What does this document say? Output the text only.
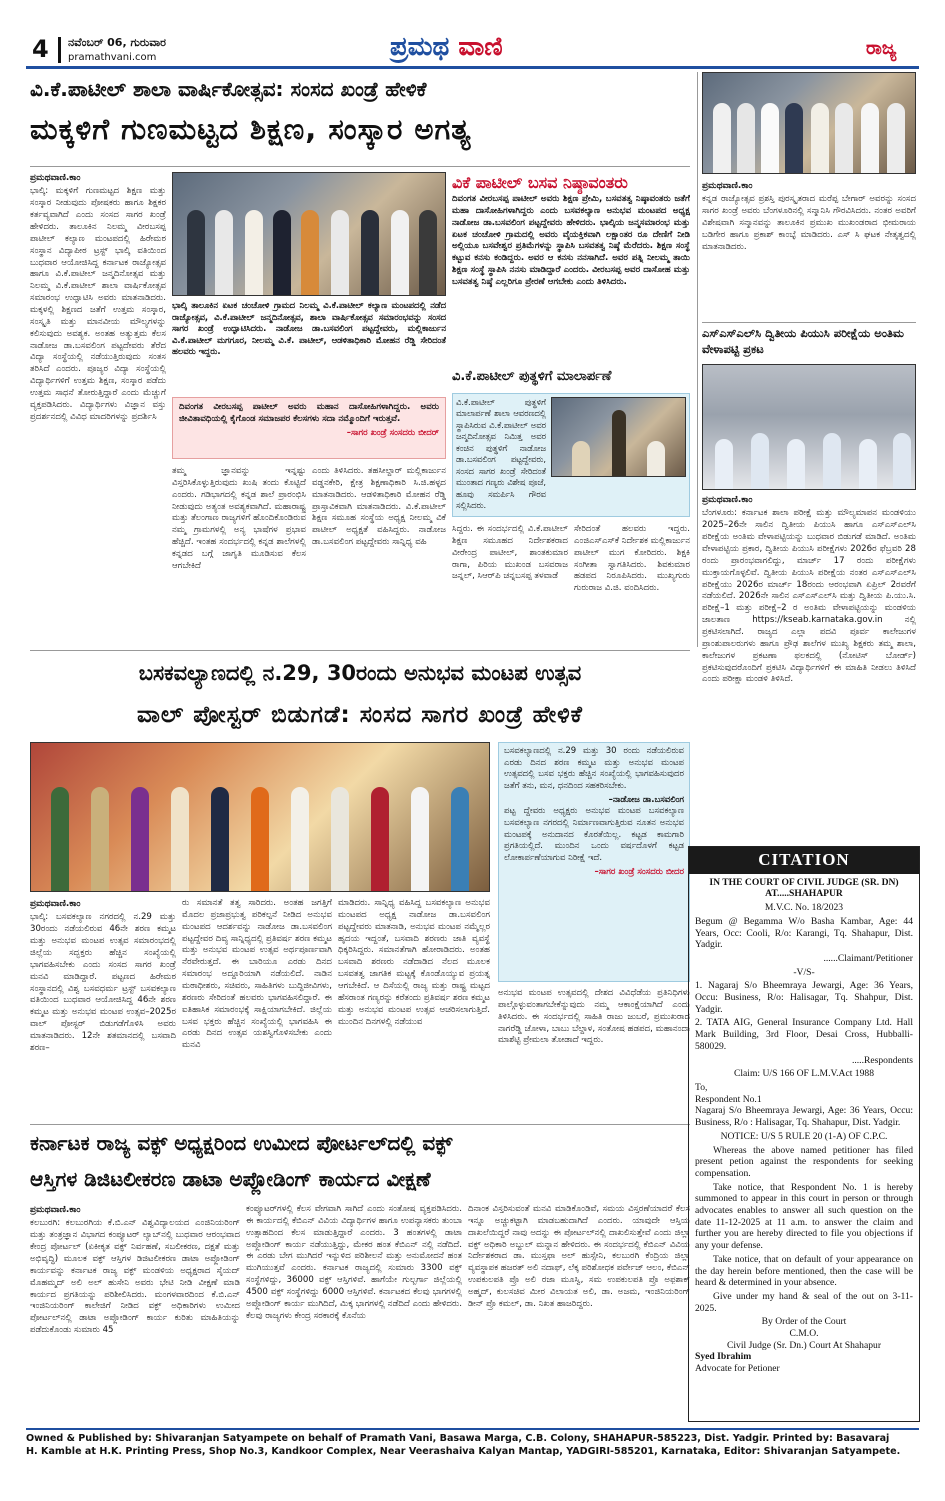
4 ನವೆಂಬರ್ 06, ಗುರುವಾರ
pramathvani.com	ಪ್ರಮಥ ವಾಣಿ	ರಾಜ್ಯ
ವಿ.ಕೆ.ಪಾಟೀಲ್ ಶಾಲಾ ವಾರ್ಷಿಕೋತ್ಸವ: ಸಂಸದ ಖಂಡ್ರೆ ಹೇಳಿಕೆ
ಮಕ್ಕಳಿಗೆ ಗುಣಮಟ್ಟದ ಶಿಕ್ಷಣ, ಸಂಸ್ಕಾರ ಅಗತ್ಯ
ಪ್ರಮಥವಾಣಿ.ಕಾಂ

ಭಾಲ್ಕಿ: ಮಕ್ಕಳಿಗೆ ಗುಣಮಟ್ಟದ ಶಿಕ್ಷಣ ಮತ್ತು ಸಂಸ್ಕಾರ ನೀಡುವುದು ಪೋಷಕರು ಹಾಗೂ ಶಿಕ್ಷಕರ ಕರ್ತವ್ಯವಾಗಿದೆ ಎಂದು ಸಂಸದ ಸಾಗರ ಖಂಡ್ರೆ ಹೇಳಿದರು. ತಾಲೂಕಿನ ನಿಲಮ್ಮ ವೀರಬಸಪ್ಪ ಪಾಟೀಲ್ ಕಲ್ಯಾಣ ಮಂಟಪದಲ್ಲಿ ಹಿರೇಮಠ ಸಂಸ್ಥಾನ ವಿದ್ಯಾಪೀಠ ಟ್ರಸ್ಟ್ ಭಾಲ್ಕಿ ವತಿಯಿಂದ ಬುಧವಾರ ಆಯೋಜಿಸಿದ್ದ ಕರ್ನಾಟಕ ರಾಜ್ಯೋತ್ಸವ ಹಾಗೂ ವಿ.ಕೆ.ಪಾಟೀಲ್ ಜನ್ಮದಿನೋತ್ಸವ ಮತ್ತು ನಿಲಮ್ಮ ವಿ.ಕೆ.ಪಾಟೀಲ್ ಶಾಲಾ ವಾರ್ಷಿಕೋತ್ಸವ ಸಮಾರಂಭ ಉದ್ಘಾಟಿಸಿ ಅವರು ಮಾತನಾಡಿದರು. ಮಕ್ಕಳಲ್ಲಿ ಶಿಕ್ಷಣದ ಜತೆಗೆ ಉತ್ತಮ ಸಂಸ್ಕಾರ, ಸಂಸ್ಕೃತಿ ಮತ್ತು ಮಾನವೀಯ ಮೌಲ್ಯಗಳನ್ನು ಕಲಿಸುವುದು ಅವಶ್ಯಕ. ಅಂತಹ ಅತ್ಯುತ್ತಮ ಕೆಲಸ ನಾಡೋಜ ಡಾ.ಬಸವಲಿಂಗ ಪಟ್ಟದೇವರು ತೆರೆದ ವಿದ್ಯಾ ಸಂಸ್ಥೆಯಲ್ಲಿ ನಡೆಯುತ್ತಿರುವುದು ಸಂತಸ ತರಿಸಿದೆ ಎಂದರು. ಪೂಜ್ಯರ ವಿದ್ಯಾ ಸಂಸ್ಥೆಯಲ್ಲಿ ವಿದ್ಯಾರ್ಥಿಗಳಿಗೆ ಉತ್ತಮ ಶಿಕ್ಷಣ, ಸಂಸ್ಕಾರ ಪಡೆದು ಉತ್ತಮ ಸಾಧನೆ ತೋರುತ್ತಿದ್ದಾರೆ ಎಂದು ಮೆಚ್ಚುಗೆ ವ್ಯಕ್ತಪಡಿಸಿದರು. ವಿದ್ಯಾರ್ಥಿಗಳು ವಿಜ್ಞಾನ ವಸ್ತು ಪ್ರದರ್ಶನದಲ್ಲಿ ವಿವಿಧ ಮಾದರಿಗಳನ್ನು ಪ್ರದರ್ಶಿಸಿ

ಭಾಲ್ಕಿ ತಾಲೂಕಿನ ಏಟಕ ಚಂಚೋಳಿ ಗ್ರಾಮದ ನಿಲಮ್ಮ ವಿ.ಕೆ.ಪಾಟೀಲ್ ಕಲ್ಯಾಣ ಮಂಟಪದಲ್ಲಿ ನಡೆದ ರಾಜ್ಯೋತ್ಸವ, ವಿ.ಕೆ.ಪಾಟೀಲ್ ಜನ್ಮದಿನೋತ್ಸವ, ಶಾಲಾ ವಾರ್ಷಿಕೋತ್ಸವ ಸಮಾರಂಭವನ್ನು ಸಂಸದ ಸಾಗರ ಖಂಡ್ರೆ ಉದ್ಘಾಟಿಸಿದರು. ನಾಡೋಜ ಡಾ.ಬಸವಲಿಂಗ ಪಟ್ಟದ್ದೇವರು, ಮಲ್ಲಿಕಾರ್ಜುನ ವಿ.ಕೆ.ಪಾಟೀಲ್ ಮಗಗೂರ, ನೀಲಮ್ಮ ವಿ.ಕೆ. ಪಾಟೀಲ್, ಆಡಳಿತಾಧಿಕಾರಿ ಮೋಹನ ರೆಡ್ಡಿ ಸೇರಿದಂತೆ ಹಲವರು ಇದ್ದರು.
ದಿವಂಗತ ವೀರಬಸಪ್ಪ ಪಾಟೀಲ್ ಅವರು ಮಹಾನ ದಾಸೋಹಿಗಳಾಗಿದ್ದರು. ಅವರು ಜೀವಿತಾವಧಿಯಲ್ಲಿ ಕೈಗೊಂಡ ಸಮಾಜಪರ ಕೆಲಸಗಳು ಸದಾ ನಮ್ಮೊಂದಿಗೆ ಇರುತ್ತವೆ.
–ಸಾಗರ ಖಂಡ್ರೆ ಸಂಸದರು ಬೀದರ್
ತಮ್ಮ ಜ್ಞಾನವನ್ನು ಇನ್ನಷ್ಟು ವಿಸ್ತರಿಸಿಕೊಳ್ಳುತ್ತಿರುವುದು ಖುಷಿ ತಂದು ಕೊಟ್ಟಿದೆ ಎಂದರು. ಗಡಿಭಾಗದಲ್ಲಿ ಕನ್ನಡ ಶಾಲೆ ಪ್ರಾರಂಭಿಸಿ ನೀಡುವುದು ಅತ್ಯಂತ ಅವಶ್ಯಕವಾಗಿದೆ. ಮಹಾರಾಷ್ಟ್ರ ಮತ್ತು ತೆಲಂಗಾಣ ರಾಜ್ಯಗಳಿಗೆ ಹೊಂದಿಕೊಂಡಿರುವ ನಮ್ಮ ಗ್ರಾಮಗಳಲ್ಲಿ ಅನ್ಯ ಭಾಷೆಗಳ ಪ್ರಭಾವ ಹೆಚ್ಚಿದೆ. ಇಂತಹ ಸಂದರ್ಭದಲ್ಲಿ ಕನ್ನಡ ಶಾಲೆಗಳಲ್ಲಿ ಕನ್ನಡದ ಬಗ್ಗೆ ಜಾಗೃತಿ ಮೂಡಿಸುವ ಕೆಲಸ ಆಗಬೇಕಿದೆ
ಎಂದು ತಿಳಿಸಿದರು. ತಹಸೀಲ್ದಾರ್ ಮಲ್ಲಿಕಾರ್ಜುನ ವಡ್ಡನಕೇರಿ, ಕ್ಷೇತ್ರ ಶಿಕ್ಷಣಾಧಿಕಾರಿ ಸಿ.ಜಿ.ಹಳ್ಳದ ಮಾತನಾಡಿದರು. ಆಡಳಿತಾಧಿಕಾರಿ ಮೋಹನ ರೆಡ್ಡಿ ಪ್ರಾಸ್ತಾವಿಕವಾಗಿ ಮಾತನಾಡಿದರು. ವಿ.ಕೆ.ಪಾಟೀಲ್ ಶಿಕ್ಷಣ ಸಮೂಹ ಸಂಸ್ಥೆಯ ಅಧ್ಯಕ್ಷ ನೀಲಮ್ಮ ವಿಕೆ ಪಾಟೀಲ್ ಅಧ್ಯಕ್ಷತೆ ವಹಿಸಿದ್ದರು. ನಾಡೋಜ ಡಾ.ಬಸವಲಿಂಗ ಪಟ್ಟದ್ದೇವರು ಸಾನ್ನಿಧ್ಯ ವಹಿ
ವಿಕೆ ಪಾಟೀಲ್ ಬಸವ ನಿಷ್ಠಾವಂತರು
ದಿವಂಗತ ವೀರಬಸಪ್ಪ ಪಾಟೀಲ್ ಅವರು ಶಿಕ್ಷಣ ಪ್ರೇಮಿ, ಬಸವತತ್ವ ನಿಷ್ಠಾವಂತರು ಜತೆಗೆ ಮಹಾ ದಾಸೋಹಿಗಳಾಗಿದ್ದರು ಎಂದು ಬಸವಕಲ್ಯಾಣ ಅನುಭವ ಮಂಟಪದ ಅಧ್ಯಕ್ಷ ನಾಡೋಜ ಡಾ.ಬಸವಲಿಂಗ ಪಟ್ಟದ್ದೇವರು ಹೇಳಿದರು. ಭಾಲ್ಕಿಯ ಜನ್ಮಸಮಾರಂಭ ಮತ್ತು ಏಟಕ ಚಂಚೋಳಿ ಗ್ರಾಮದಲ್ಲಿ ಅವರು ವೈಯಕ್ತಿಕವಾಗಿ ಲಕ್ಷಾಂತರ ರೂ ದೇಣಿಗೆ ನೀಡಿ ಅಲ್ಲಿಯೂ ಬಸವೇಶ್ವರ ಪ್ರತಿಮೆಗಳನ್ನು ಸ್ಥಾಪಿಸಿ ಬಸವತತ್ವ ನಿಷ್ಠೆ ಮೆರೆದರು. ಶಿಕ್ಷಣ ಸಂಸ್ಥೆ ಕಟ್ಟುವ ಕನಸು ಕಂಡಿದ್ದರು. ಅವರ ಆ ಕನಸು ನನಸಾಗಿದೆ. ಅವರ ಪತ್ನಿ ನೀಲಮ್ಮ ತಾಯಿ ಶಿಕ್ಷಣ ಸಂಸ್ಥೆ ಸ್ಥಾಪಿಸಿ ನನಸು ಮಾಡಿದ್ದಾರೆ ಎಂದರು. ವೀರಬಸಪ್ಪ ಅವರ ದಾಸೋಹ ಮತ್ತು ಬಸವತತ್ವ ನಿಷ್ಠೆ ಎಲ್ಲರಿಗೂ ಪ್ರೇರಣೆ ಆಗಬೇಕು ಎಂದು ತಿಳಿಸಿದರು.
ವಿ.ಕೆ.ಪಾಟೀಲ್ ಪುತ್ಥಳಿಗೆ ಮಾಲಾರ್ಪಣೆ
ವಿ.ಕೆ.ಪಾಟೀಲ್ ಪುತ್ಥಳಿಗೆ ಮಾಲಾರ್ಪಣೆ ಶಾಲಾ ಆವರಣದಲ್ಲಿ ಸ್ಥಾಪಿಸಿರುವ ವಿ.ಕೆ.ಪಾಟೀಲ್ ಅವರ ಜನ್ಮದಿನೋತ್ಸವ ನಿಮಿತ್ತ ಅವರ ಕಂಚಿನ ಪುತ್ಥಳಿಗೆ ನಾಡೋಜ ಡಾ.ಬಸವಲಿಂಗ ಪಟ್ಟದ್ದೇವರು, ಸಂಸದ ಸಾಗರ ಖಂಡ್ರೆ ಸೇರಿದಂತೆ ಮುಂತಾದ ಗಣ್ಯರು ವಿಶೇಷ ಪೂಜೆ, ಹೂವು ಸಮರ್ಪಿಸಿ ಗೌರವ ಸಲ್ಲಿಸಿದರು.
ಸಿದ್ದರು. ಈ ಸಂದರ್ಭದಲ್ಲಿ ವಿ.ಕೆ.ಪಾಟೀಲ್ ಶಿಕ್ಷಣ ಸಮೂಹದ ನಿರ್ದೇಶಕರಾದ ವೀರೇಂದ್ರ ಪಾಟೀಲ್, ಶಾಂತಕುಮಾರ ರಾಗಾ, ಪಿರಿಯ ಮುಖಂಡ ಬಸವರಾಜ ಜನ್ನಲ್, ಸಿಆರ್‌ಪಿ ಚನ್ನಬಸಪ್ಪ ತಳವಾಡೆ
ಸೇರಿದಂತೆ ಹಲವರು ಇದ್ದರು. ಎಂಜಿಎಸ್‌ಎಸ್‌ಕೆ ನಿರ್ದೇಶಕ ಮಲ್ಲಿಕಾರ್ಜುನ ಪಾಟೀಲ್ ಮುಗ ಕೋರಿದರು. ಶಿಕ್ಷಕಿ ಸಂಗೀತಾ ಸ್ವಾಗತಿಸಿದರು. ಶಿವಕುಮಾರ ಹಡಪದ ನಿರೂಪಿಸಿದರು. ಮುಖ್ಯಗುರು ಗುರುರಾಜ ವಿ.ಜಿ. ವಂದಿಸಿದರು.
ಪ್ರಮಥವಾಣಿ.ಕಾಂ

ಕನ್ನಡ ರಾಜ್ಯೋತ್ಸವ ಪ್ರಶಸ್ತಿ ಪುರಸ್ಕೃತರಾದ ಮರೆಪ್ಪ ಬೇಗಾರ್ ಅವರನ್ನು ಸಂಸದ ಸಾಗರ ಖಂಡ್ರೆ ಅವರು ಬೆಂಗಳೂರಿನಲ್ಲಿ ಸನ್ಮಾನಿಸಿ ಗೌರವಿಸಿದರು. ನಂತರ ಅವರಿಗೆ ವಿಶೇಷವಾಗಿ ಸನ್ಮಾನವನ್ನು ತಾಲೂಕಿನ ಪ್ರಮುಖ ಮುಖಂಡರಾದ ಭೀಮರಾಯ ಬಡಿಗೇರ ಹಾಗೂ ಪ್ರಕಾಶ್ ಕಾಂಬ್ಳೆ ಮಾಡಿದರು. ಎಸ್ ಸಿ ಘಟಕ ನೇತೃತ್ವದಲ್ಲಿ ಮಾತನಾಡಿದರು.

ಎಸ್ಎಸ್ಎಲ್‌ಸಿ ದ್ವಿತೀಯ ಪಿಯುಸಿ ಪರೀಕ್ಷೆಯ ಅಂತಿಮ ವೇಳಾಪಟ್ಟಿ ಪ್ರಕಟ
ಪ್ರಮಥವಾಣಿ.ಕಾಂ

ಬೆಂಗಳೂರು: ಕರ್ನಾಟಕ ಶಾಲಾ ಪರೀಕ್ಷೆ ಮತ್ತು ಮೌಲ್ಯಮಾಪನ ಮಂಡಳಿಯು 2025–26ನೇ ಸಾಲಿನ ದ್ವಿತೀಯ ಪಿಯುಸಿ ಹಾಗೂ ಎಸ್ಎಸ್ಎಲ್‌ಸಿ ಪರೀಕ್ಷೆಯ ಅಂತಿಮ ವೇಳಾಪಟ್ಟಿಯನ್ನು ಬುಧವಾರ ಬಿಡುಗಡೆ ಮಾಡಿದೆ. ಅಂತಿಮ ವೇಳಾಪಟ್ಟಿಯ ಪ್ರಕಾರ, ದ್ವಿತೀಯ ಪಿಯುಸಿ ಪರೀಕ್ಷೆಗಳು 2026ರ ಫೆಬ್ರವರಿ 28 ರಂದು ಪ್ರಾರಂಭವಾಗಲಿದ್ದು, ಮಾರ್ಚ್ 17 ರಂದು ಪರೀಕ್ಷೆಗಳು ಮುಕ್ತಾಯಗೊಳ್ಳಲಿವೆ. ದ್ವಿತೀಯ ಪಿಯುಸಿ ಪರೀಕ್ಷೆಯ ನಂತರ ಎಸ್ಎಸ್ಎಲ್‌ಸಿ ಪರೀಕ್ಷೆಯು 2026ರ ಮಾರ್ಚ್ 18ರಂದು ಆರಂಭವಾಗಿ ಏಪ್ರಿಲ್ 2ರವರೆಗೆ ನಡೆಯಲಿದೆ. 2026ನೇ ಸಾಲಿನ ಎಸ್‌ಎಸ್‌ಎಲ್‌ಸಿ ಮತ್ತು ದ್ವಿತೀಯ ಪಿ.ಯು.ಸಿ. ಪರೀಕ್ಷೆ–1 ಮತ್ತು ಪರೀಕ್ಷೆ–2 ರ ಅಂತಿಮ ವೇಳಾಪಟ್ಟಿಯನ್ನು ಮಂಡಳಿಯ ಜಾಲತಾಣ https://kseab.karnataka.gov.in ನಲ್ಲಿ ಪ್ರಕಟಿಸಲಾಗಿದೆ. ರಾಜ್ಯದ ಎಲ್ಲಾ ಪದವಿ ಪೂರ್ವ ಕಾಲೇಜುಗಳ ಪ್ರಾಂಶುಪಾಲರುಗಳು ಹಾಗೂ ಪ್ರೌಢ ಶಾಲೆಗಳ ಮುಖ್ಯ ಶಿಕ್ಷಕರು ತಮ್ಮ ಶಾಲಾ, ಕಾಲೇಜುಗಳ ಪ್ರಕಟಣಾ ಫಲಕದಲ್ಲಿ (ನೋಟಿಸ್ ಬೋರ್ಡ್) ಪ್ರಕಟಿಸುವುದರೊಂದಿಗೆ ಪ್ರಕಟಿಸಿ ವಿದ್ಯಾರ್ಥಿಗಳಿಗೆ ಈ ಮಾಹಿತಿ ನೀಡಲು ತಿಳಿಸಿದೆ ಎಂದು ಪರೀಕ್ಷಾ ಮಂಡಳಿ ತಿಳಿಸಿದೆ.

ಬಸಕವಲ್ಯಾಣದಲ್ಲಿ ನ.29, 30ರಂದು ಅನುಭವ ಮಂಟಪ ಉತ್ಸವ
ವಾಲ್ ಪೋಸ್ಟರ್ ಬಿಡುಗಡೆ: ಸಂಸದ ಸಾಗರ ಖಂಡ್ರೆ ಹೇಳಿಕೆ
ಬಸವಕಲ್ಯಾಣದಲ್ಲಿ ನ.29 ಮತ್ತು 30 ರಂದು ನಡೆಯಲಿರುವ ಎರಡು ದಿನದ ಶರಣ ಕಮ್ಮಟ ಮತ್ತು ಅನುಭವ ಮಂಟಪ ಉತ್ಸವದಲ್ಲಿ ಬಸವ ಭಕ್ತರು ಹೆಚ್ಚಿನ ಸಂಖ್ಯೆಯಲ್ಲಿ ಭಾಗವಹಿಸುವುದರ ಜತೆಗೆ ತನು, ಮನ, ಧನದಿಂದ ಸಹಕರಿಸಬೇಕು.
–ನಾಡೋಜ ಡಾ.ಬಸವಲಿಂಗ
ಪಟ್ಟ ದ್ದೇವರು ಅಧ್ಯಕ್ಷರು ಅನುಭವ ಮಂಟಪ ಬಸವಕಲ್ಯಾಣ ಬಸವಕಲ್ಯಾಣ ನಗರದಲ್ಲಿ ನಿರ್ಮಾಣವಾಗುತ್ತಿರುವ ನೂತನ ಅನುಭವ ಮಂಟಪಕ್ಕೆ ಅನುದಾನದ ಕೊರತೆಯಿಲ್ಲ. ಕಟ್ಟಡ ಕಾಮಗಾರಿ ಪ್ರಗತಿಯಲ್ಲಿದೆ. ಮುಂದಿನ ಒಂದು ವರ್ಷದೊಳಗೆ ಕಟ್ಟಡ ಲೋಕಾರ್ಪಣೆಯಾಗುವ ನಿರೀಕ್ಷೆ ಇದೆ.
–ಸಾಗರ ಖಂಡ್ರೆ ಸಂಸದರು ಬೀದರ
ಪ್ರಮಥವಾಣಿ.ಕಾಂ

ಭಾಲ್ಕಿ: ಬಸವಕಲ್ಯಾಣ ನಗರದಲ್ಲಿ ನ.29 ಮತ್ತು 30ರಂದು ನಡೆಯಲಿರುವ 46ನೇ ಶರಣ ಕಮ್ಮಟ ಮತ್ತು ಅನುಭವ ಮಂಟಪ ಉತ್ಸವ ಸಮಾರಂಭದಲ್ಲಿ ಜಿಲ್ಲೆಯ ಸದ್ಭಕ್ತರು ಹೆಚ್ಚಿನ ಸಂಖ್ಯೆಯಲ್ಲಿ ಭಾಗವಹಿಸಬೇಕು ಎಂದು ಸಂಸದ ಸಾಗರ ಖಂಡ್ರೆ ಮನವಿ ಮಾಡಿದ್ದಾರೆ. ಪಟ್ಟಣದ ಹಿರೇಮಠ ಸಂಸ್ಥಾನದಲ್ಲಿ ವಿಶ್ವ ಬಸವಧರ್ಮ ಟ್ರಸ್ಟ್ ಬಸವಕಲ್ಯಾಣ ವತಿಯಿಂದ ಬುಧವಾರ ಆಯೋಜಿಸಿದ್ದ 46ನೇ ಶರಣ ಕಮ್ಮಟ ಮತ್ತು ಅನುಭವ ಮಂಟಪ ಉತ್ಸವ–2025ರ ವಾಲ್ ಪೋಸ್ಟರ್ ಬಿಡುಗಡೆಗೊಳಿಸಿ ಅವರು ಮಾತನಾಡಿದರು. 12ನೇ ಶತಮಾನದಲ್ಲಿ ಬಸವಾದಿ ಶರಣ–

ರು ಸಮಾನತೆ ತತ್ವ ಸಾರಿದರು. ಅಂತಹ ಜಗತ್ತಿಗೆ ಮೊದಲ ಪ್ರಜಾಪ್ರಭುತ್ವ ಪರಿಕಲ್ಪನೆ ನೀಡಿದ ಅನುಭವ ಮಂಟಪದ ಆದರ್ಶವನ್ನು ನಾಡೋಜ ಡಾ.ಬಸವಲಿಂಗ ಪಟ್ಟದ್ದೇವರ ದಿವ್ಯ ಸಾನ್ನಿಧ್ಯದಲ್ಲಿ ಪ್ರತಿವರ್ಷ ಶರಣ ಕಮ್ಮಟ ಮತ್ತು ಅನುಭವ ಮಂಟಪ ಉತ್ಸವ ಅರ್ಥಪೂರ್ಣವಾಗಿ ನೆರವೇರುತ್ತದೆ. ಈ ಬಾರಿಯೂ ಎರಡು ದಿನದ ಸಮಾರಂಭ ಅದ್ದೂರಿಯಾಗಿ ನಡೆಯಲಿದೆ. ನಾಡಿನ ಮಠಾಧೀಶರು, ಸಚಿವರು, ಸಾಹಿತಿಗಳು ಬುದ್ಧಿಜೀವಿಗಳು, ಶರಣರು ಸೇರಿದಂತೆ ಹಲವರು ಭಾಗವಹಿಸಲಿದ್ದಾರೆ. ಈ ಐತಿಹಾಸಿಕ ಸಮಾರಂಭಕ್ಕೆ ಸಾಕ್ಷಿಯಾಗಬೇಕಿದೆ. ಜಿಲ್ಲೆಯ ಬಸವ ಭಕ್ತರು ಹೆಚ್ಚಿನ ಸಂಖ್ಯೆಯಲ್ಲಿ ಭಾಗವಹಿಸಿ ಈ ಎರಡು ದಿನದ ಉತ್ಸವ ಯಶಸ್ವಿಗೊಳಿಸಬೇಕು ಎಂದು ಮನವಿ
ಮಾಡಿದರು. ಸಾನ್ನಿಧ್ಯ ವಹಿಸಿದ್ದ ಬಸವಕಲ್ಯಾಣ ಅನುಭವ ಮಂಟಪದ ಅಧ್ಯಕ್ಷ ನಾಡೋಜ ಡಾ.ಬಸವಲಿಂಗ ಪಟ್ಟದ್ದೇವರು ಮಾತನಾಡಿ, ಅನುಭವ ಮಂಟಪ ನಮ್ಮೆಲ್ಲರ ಹೃದಯ ಇದ್ದಂತೆ, ಬಸವಾದಿ ಶರಣರು ಜಾತಿ ವ್ಯವಸ್ಥೆ ಧಿಕ್ಕರಿಸಿದ್ದರು. ಸಮಾನತೆಗಾಗಿ ಹೋರಾಡಿದರು. ಅಂತಹ ಬಸವಾದಿ ಶರಣರು ನಡೆದಾಡಿದ ನೆಲದ ಮೂಲಕ ಬಸವತತ್ವ ಜಾಗತಿಕ ಮಟ್ಟಕ್ಕೆ ಕೊಂಡೊಯ್ಯುವ ಪ್ರಯತ್ನ ಆಗಬೇಕಿದೆ. ಆ ದಿಸೆಯಲ್ಲಿ ರಾಜ್ಯ ಮತ್ತು ರಾಷ್ಟ್ರ ಮಟ್ಟದ ಹೆಸರಾಂತ ಗಣ್ಯರನ್ನು ಕರೆತಂದು ಪ್ರತಿವರ್ಷ ಶರಣ ಕಮ್ಮಟ ಮತ್ತು ಅನುಭವ ಮಂಟಪ ಉತ್ಸವ ಆಚರಿಸಲಾಗುತ್ತಿದೆ. ಮುಂದಿನ ದಿನಗಳಲ್ಲಿ ನಡೆಯುವ
ಅನುಭವ ಮಂಟಪ ಉತ್ಸವದಲ್ಲಿ ದೇಶದ ವಿವಿಧೆಡೆಯ ಪ್ರತಿನಿಧಿಗಳು ಪಾಲ್ಗೊಳ್ಳುವಂತಾಗಬೇಕೆನ್ನುವುದು ನಮ್ಮ ಆಕಾಂಕ್ಷೆಯಾಗಿದೆ ಎಂದು ತಿಳಿಸಿದರು. ಈ ಸಂದರ್ಭದಲ್ಲಿ ಸಾಹಿತಿ ರಾಜು ಜುಬರೆ, ಪ್ರಮುಖರಾದ ನಾಗರೆಡ್ಡಿ ಚೋಳಾ, ಬಾಬು ಬೆಲ್ದಾಳ, ಸಂತೋಷ ಹಡಪದ, ಮಹಾನಂದಾ ಮಾಶೆಟ್ಟಿ ಪ್ರೇಮಲಾ ತೋಡಾದೆ ಇದ್ದರು.
ಕರ್ನಾಟಕ ರಾಜ್ಯ ವಕ್ಫ್ ಅಧ್ಯಕ್ಷರಿಂದ ಉಮೀದ ಪೋರ್ಟಲ್‌ದಲ್ಲಿ ವಕ್ಫ್
ಆಸ್ತಿಗಳ ಡಿಜಿಟಲೀಕರಣ ಡಾಟಾ ಅಪ್ಲೋಡಿಂಗ್ ಕಾರ್ಯದ ವೀಕ್ಷಣೆ
ಪ್ರಮಥವಾಣಿ.ಕಾಂ

ಕಲಬುರಗಿ: ಕಲಬುರಗಿಯ ಕೆ.ಬಿ.ಎನ್ ವಿಶ್ವವಿದ್ಯಾಲಯದ ಎಂಜಿನಿಯರಿಂಗ್ ಮತ್ತು ತಂತ್ರಜ್ಞಾನ ವಿಭಾಗದ ಕಂಪ್ಯೂಟರ್ ಲ್ಯಾಬ್‌ನಲ್ಲಿ ಬುಧವಾರ ಆರಂಭವಾದ ಕೇಂದ್ರ ಪೋರ್ಟಲ್ (ಏಕೀಕೃತ ವಕ್ಫ್ ನಿರ್ವಹಣೆ, ಸಬಲೀಕರಣ, ದಕ್ಷತೆ ಮತ್ತು ಅಭಿವೃದ್ಧಿ) ಮೂಲಕ ವಕ್ಫ್ ಆಸ್ತಿಗಳ ಡಿಜಿಟಲೀಕರಣ ಡಾಟಾ ಅಪ್ಲೋಡಿಂಗ್ ಕಾರ್ಯವನ್ನು ಕರ್ನಾಟಕ ರಾಜ್ಯ ವಕ್ಫ್ ಮಂಡಳಿಯ ಅಧ್ಯಕ್ಷರಾದ ಸೈಯದ್ ಮೊಹಮ್ಮದ್ ಅಲಿ ಅಲ್ ಹುಸೇನಿ ಅವರು ಭೇಟಿ ನೀಡಿ ವೀಕ್ಷಣೆ ಮಾಡಿ ಕಾರ್ಯದ ಪ್ರಗತಿಯನ್ನು ಪರಿಶೀಲಿಸಿದರು. ಮಂಗಳವಾರದಿಂದ ಕೆ.ಬಿ.ಎನ್ ಇಂಜಿನಿಯರಿಂಗ್ ಕಾಲೇಜಿಗೆ ನೀಡಿದ ವಕ್ಫ್ ಅಧಿಕಾರಿಗಳು ಉಮೀದ ಪೋರ್ಟಲ್‌ನಲ್ಲಿ ಡಾಟಾ ಅಪ್ಲೋಡಿಂಗ್ ಕಾರ್ಯ ಕುರಿತು ಮಾಹಿತಿಯನ್ನು ಪಡೆದುಕೊಂಡು ಸುಮಾರು 45

ಕಂಪ್ಯೂಟರ್‌ಗಳಲ್ಲಿ ಕೆಲಸ ವೇಗವಾಗಿ ಸಾಗಿದೆ ಎಂದು ಸಂತೋಷ ವ್ಯಕ್ತಪಡಿಸಿದರು. ಈ ಕಾರ್ಯದಲ್ಲಿ ಕೆಬಿಎನ್ ವಿವಿಯ ವಿದ್ಯಾರ್ಥಿಗಳ ಹಾಗೂ ಉಪನ್ಯಾಸಕರು ತುಂಬಾ ಉತ್ಸಾಹದಿಂದ ಕೆಲಸ ಮಾಡುತ್ತಿದ್ದಾರೆ ಎಂದರು. 3 ಹಂತಗಳಲ್ಲಿ ಡಾಟಾ ಅಪ್ಲೋಡಿಂಗ್ ಕಾರ್ಯ ನಡೆಯುತ್ತಿದ್ದು, ಮೇಕರ ಹಂತ ಕೆಬಿಎನ್ ನಲ್ಲಿ ನಡೆದಿದೆ. ಈ ಎರಡು ಬೇಗ ಮುಗಿದರೆ ಇನ್ನುಳಿದ ಪರಿಶೀಲನೆ ಮತ್ತು ಅನುಮೋದನೆ ಹಂತ ಮುಗಿಯುತ್ತವೆ ಎಂದರು. ಕರ್ನಾಟಕ ರಾಜ್ಯದಲ್ಲಿ ಸುಮಾರು 3300 ವಕ್ಫ್ ಸಂಸ್ಥೆಗಳಿದ್ದು, 36000 ವಕ್ಫ್ ಆಸ್ತಿಗಳಿವೆ. ಹಾಗೆಯೇ ಗುಲ್ಬರ್ಗಾ ಜಿಲ್ಲೆಯಲ್ಲಿ 4500 ವಕ್ಫ್ ಸಂಸ್ಥೆಗಳಿದ್ದು 6000 ಆಸ್ತಿಗಳಿವೆ. ಕರ್ನಾಟಕದ ಕೆಲವು ಭಾಗಗಳಲ್ಲಿ ಅಪ್ಲೋಡಿಂಗ್ ಕಾರ್ಯ ಮುಗಿದಿದೆ, ಮಿಕ್ಕ ಭಾಗಗಳಲ್ಲಿ ನಡೆದಿದೆ ಎಂದು ಹೇಳಿದರು. ಕೆಲವು ರಾಜ್ಯಗಳು ಕೇಂದ್ರ ಸರಕಾರಕ್ಕೆ ಕೊನೆಯ
ದಿನಾಂಕ ವಿಸ್ತರಿಸುವಂತೆ ಮನವಿ ಮಾಡಿಕೊಂಡಿವೆ, ಸಮಯ ವಿಸ್ತರಣೆಯಾದರೆ ಕೆಲಸ ಇನ್ನೂ ಅಚ್ಚುಕಟ್ಟಾಗಿ ಮಾಡಬಹುದಾಗಿದೆ ಎಂದರು. ಯಾವುದೇ ಆಸ್ತಿಯ ದಾಖಲೆಯಿದ್ದರೆ ನಾವು ಅದನ್ನು ಈ ಪೋರ್ಟಲ್‌ನಲ್ಲಿ ದಾಖಲಿಸುತ್ತೇವೆ ಎಂದು ಜಿಲ್ಲಾ ವಕ್ಫ್ ಅಧಿಕಾರಿ ಅಬ್ದುಲ್ ಮನ್ನಾನ ಹೇಳಿದರು. ಈ ಸಂದರ್ಭದಲ್ಲಿ ಕೆಬಿಎನ್ ವಿವಿಯ ನಿರ್ದೇಶಕರಾದ ಡಾ. ಮುಸ್ತಫಾ ಅಲ್ ಹುಸ್ಸೇನಿ, ಕಲಬುರಗಿ ಕೆಂದ್ರಿಯ ಜಿಲ್ಲಾ ವ್ಯವಸ್ಥಾಪಕ ಹಜರತ್ ಅಲಿ ನದಾಫ್, ಲೆಕ್ಕ ಪರಿಶೋಧಕ ಪರ್ವೇಜ್ ಆಲಂ, ಕೆಬಿಎನ್ ಉಪಕುಲಪತಿ ಪ್ರೊ ಅಲಿ ರಜಾ ಮೂಸ್ವಿ, ಸಮ ಉಪಕುಲಪತಿ ಪ್ರೊ ಅಫ಼ಶಾಕ್ ಅಹ್ಮದ್, ಕುಲಸಚಿವ ಮೀರ ವಿಲಾಯತ ಅಲಿ, ಡಾ. ಅಜಮ, ಇಂಜಿನಿಯರಿಂಗ್ ಡೀನ್ ಪ್ರೊ ಕಮಲ್, ಡಾ. ನಿಖತ ಹಾಜರಿದ್ದರು.
CITATION

IN THE COURT OF CIVIL JUDGE (SR. DN) AT.....SHAHAPUR

M.V.C. No. 18/2023

Begum @ Begamma W/o Basha Kambar, Age: 44 Years, Occ: Cooli, R/o: Karangi, Tq. Shahapur, Dist. Yadgir.

......Claimant/Petitioner

-V/S-

1. Nagaraj S/o Bheemraya Jewargi, Age: 36 Years, Occu: Business, R/o: Halisagar, Tq. Shahpur, Dist. Yadgir.

2. TATA AIG, General Insurance Company Ltd. Hall Mark Building, 3rd Floor, Desai Cross, Hubballi-580029.

.....Respondents

Claim: U/S 166 OF L.M.V.Act 1988

To,

Respondent No.1

Nagaraj S/o Bheemraya Jewargi, Age: 36 Years, Occu: Business, R/o : Halisagar, Tq. Shahapur, Dist. Yadgir.

NOTICE: U/S 5 RULE 20 (1-A) OF C.P.C.

Whereas the above named petitioner has filed present petion against the respondents for seeking compensation.

Take notice, that Respondent No. 1 is hereby summoned to appear in this court in person or through advocates enables to answer all such question on the date 11-12-2025 at 11 a.m. to answer the claim and further you are hereby directed to file you objections if any your defense.

Take notice, that on default of your appearance on the day herein before mentioned, then the case will be heard & determined in your absence.

Give under my hand & seal of the out on 3-11-2025.

By Order of the Court

C.M.O.

Civil Judge (Sr. Dn.) Court At Shahapur

Syed Ibrahim

Advocate for Petioner

Owned & Published by: Shivaranjan Satyampete on behalf of Pramath Vani, Basawa Marga, C.B. Colony, SHAHAPUR-585223, Dist. Yadgir. Printed by: Basavaraj
H. Kamble at H.K. Printing Press, Shop No.3, Kandkoor Complex, Near Veerashaiva Kalyan Mantap, YADGIRI-585201, Karnataka, Editor: Shivaranjan Satyampete.
